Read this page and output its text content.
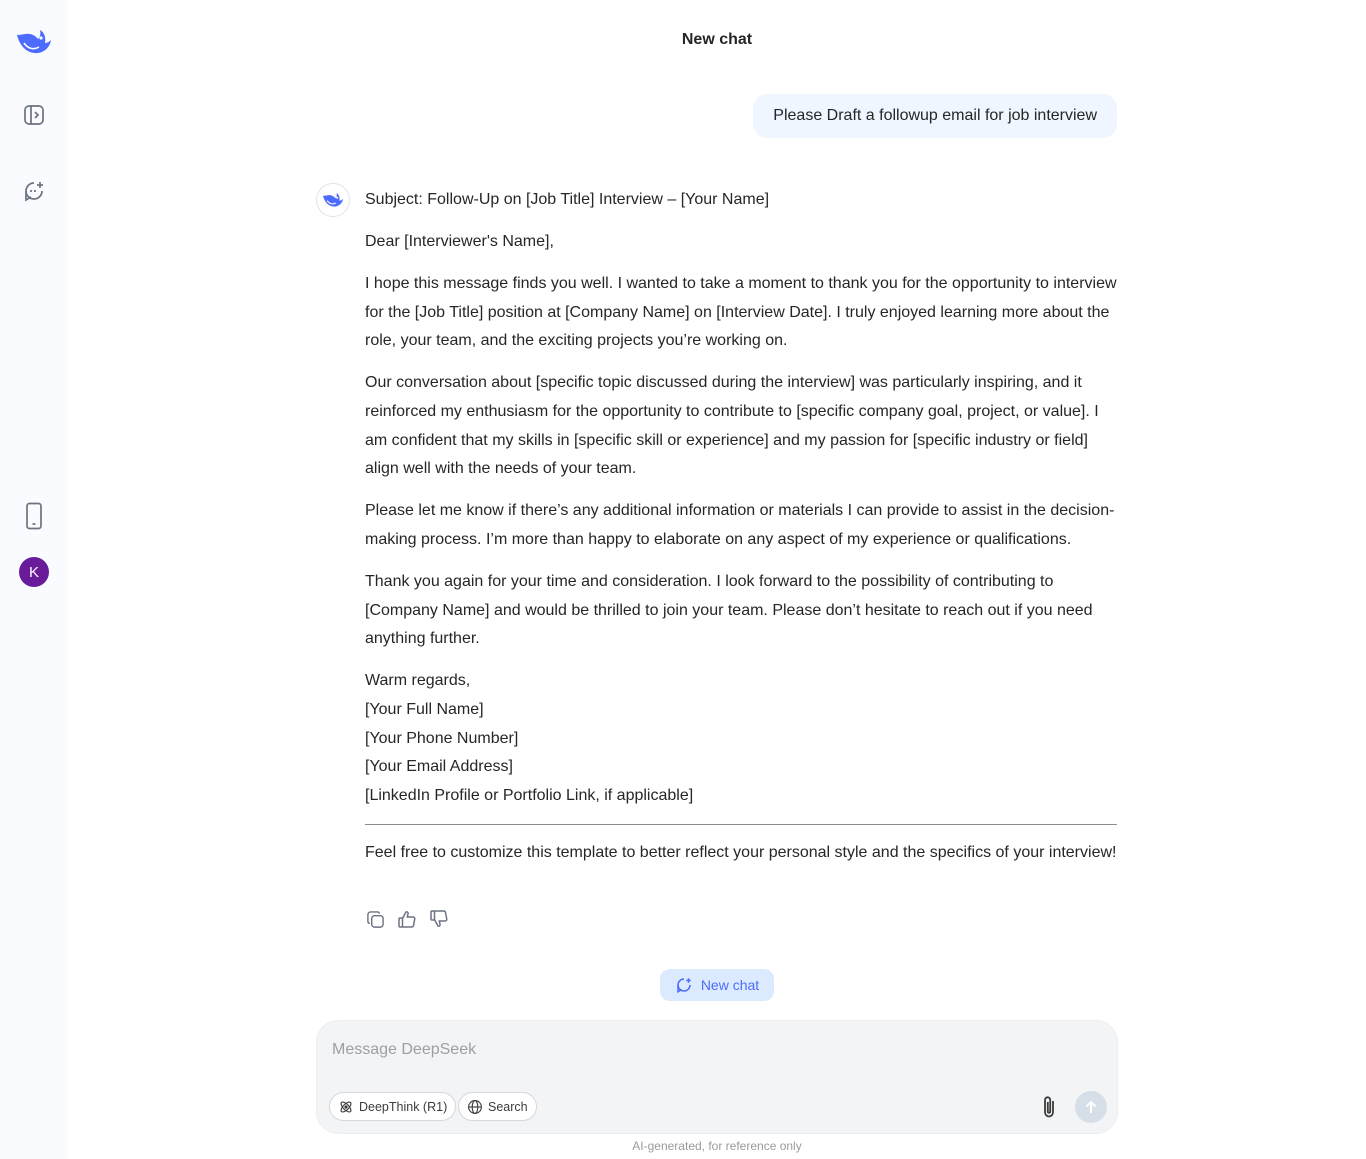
K
New chat
Please Draft a followup email for job interview

Subject: Follow-Up on [Job Title] Interview – [Your Name]

Dear [Interviewer's Name],

I hope this message finds you well. I wanted to take a moment to thank you for the opportunity to interview for the [Job Title] position at [Company Name] on [Interview Date]. I truly enjoyed learning more about the role, your team, and the exciting projects you’re working on.

Our conversation about [specific topic discussed during the interview] was particularly inspiring, and it reinforced my enthusiasm for the opportunity to contribute to [specific company goal, project, or value]. I am confident that my skills in [specific skill or experience] and my passion for [specific industry or field] align well with the needs of your team.

Please let me know if there’s any additional information or materials I can provide to assist in the decision-making process. I’m more than happy to elaborate on any aspect of my experience or qualifications.

Thank you again for your time and consideration. I look forward to the possibility of contributing to [Company Name] and would be thrilled to join your team. Please don’t hesitate to reach out if you need anything further.

Warm regards,
[Your Full Name]
[Your Phone Number]
[Your Email Address]
[LinkedIn Profile or Portfolio Link, if applicable]

Feel free to customize this template to better reflect your personal style and the specifics of your interview!

New chat
Message DeepSeek
DeepThink (R1)	Search
AI-generated, for reference only
